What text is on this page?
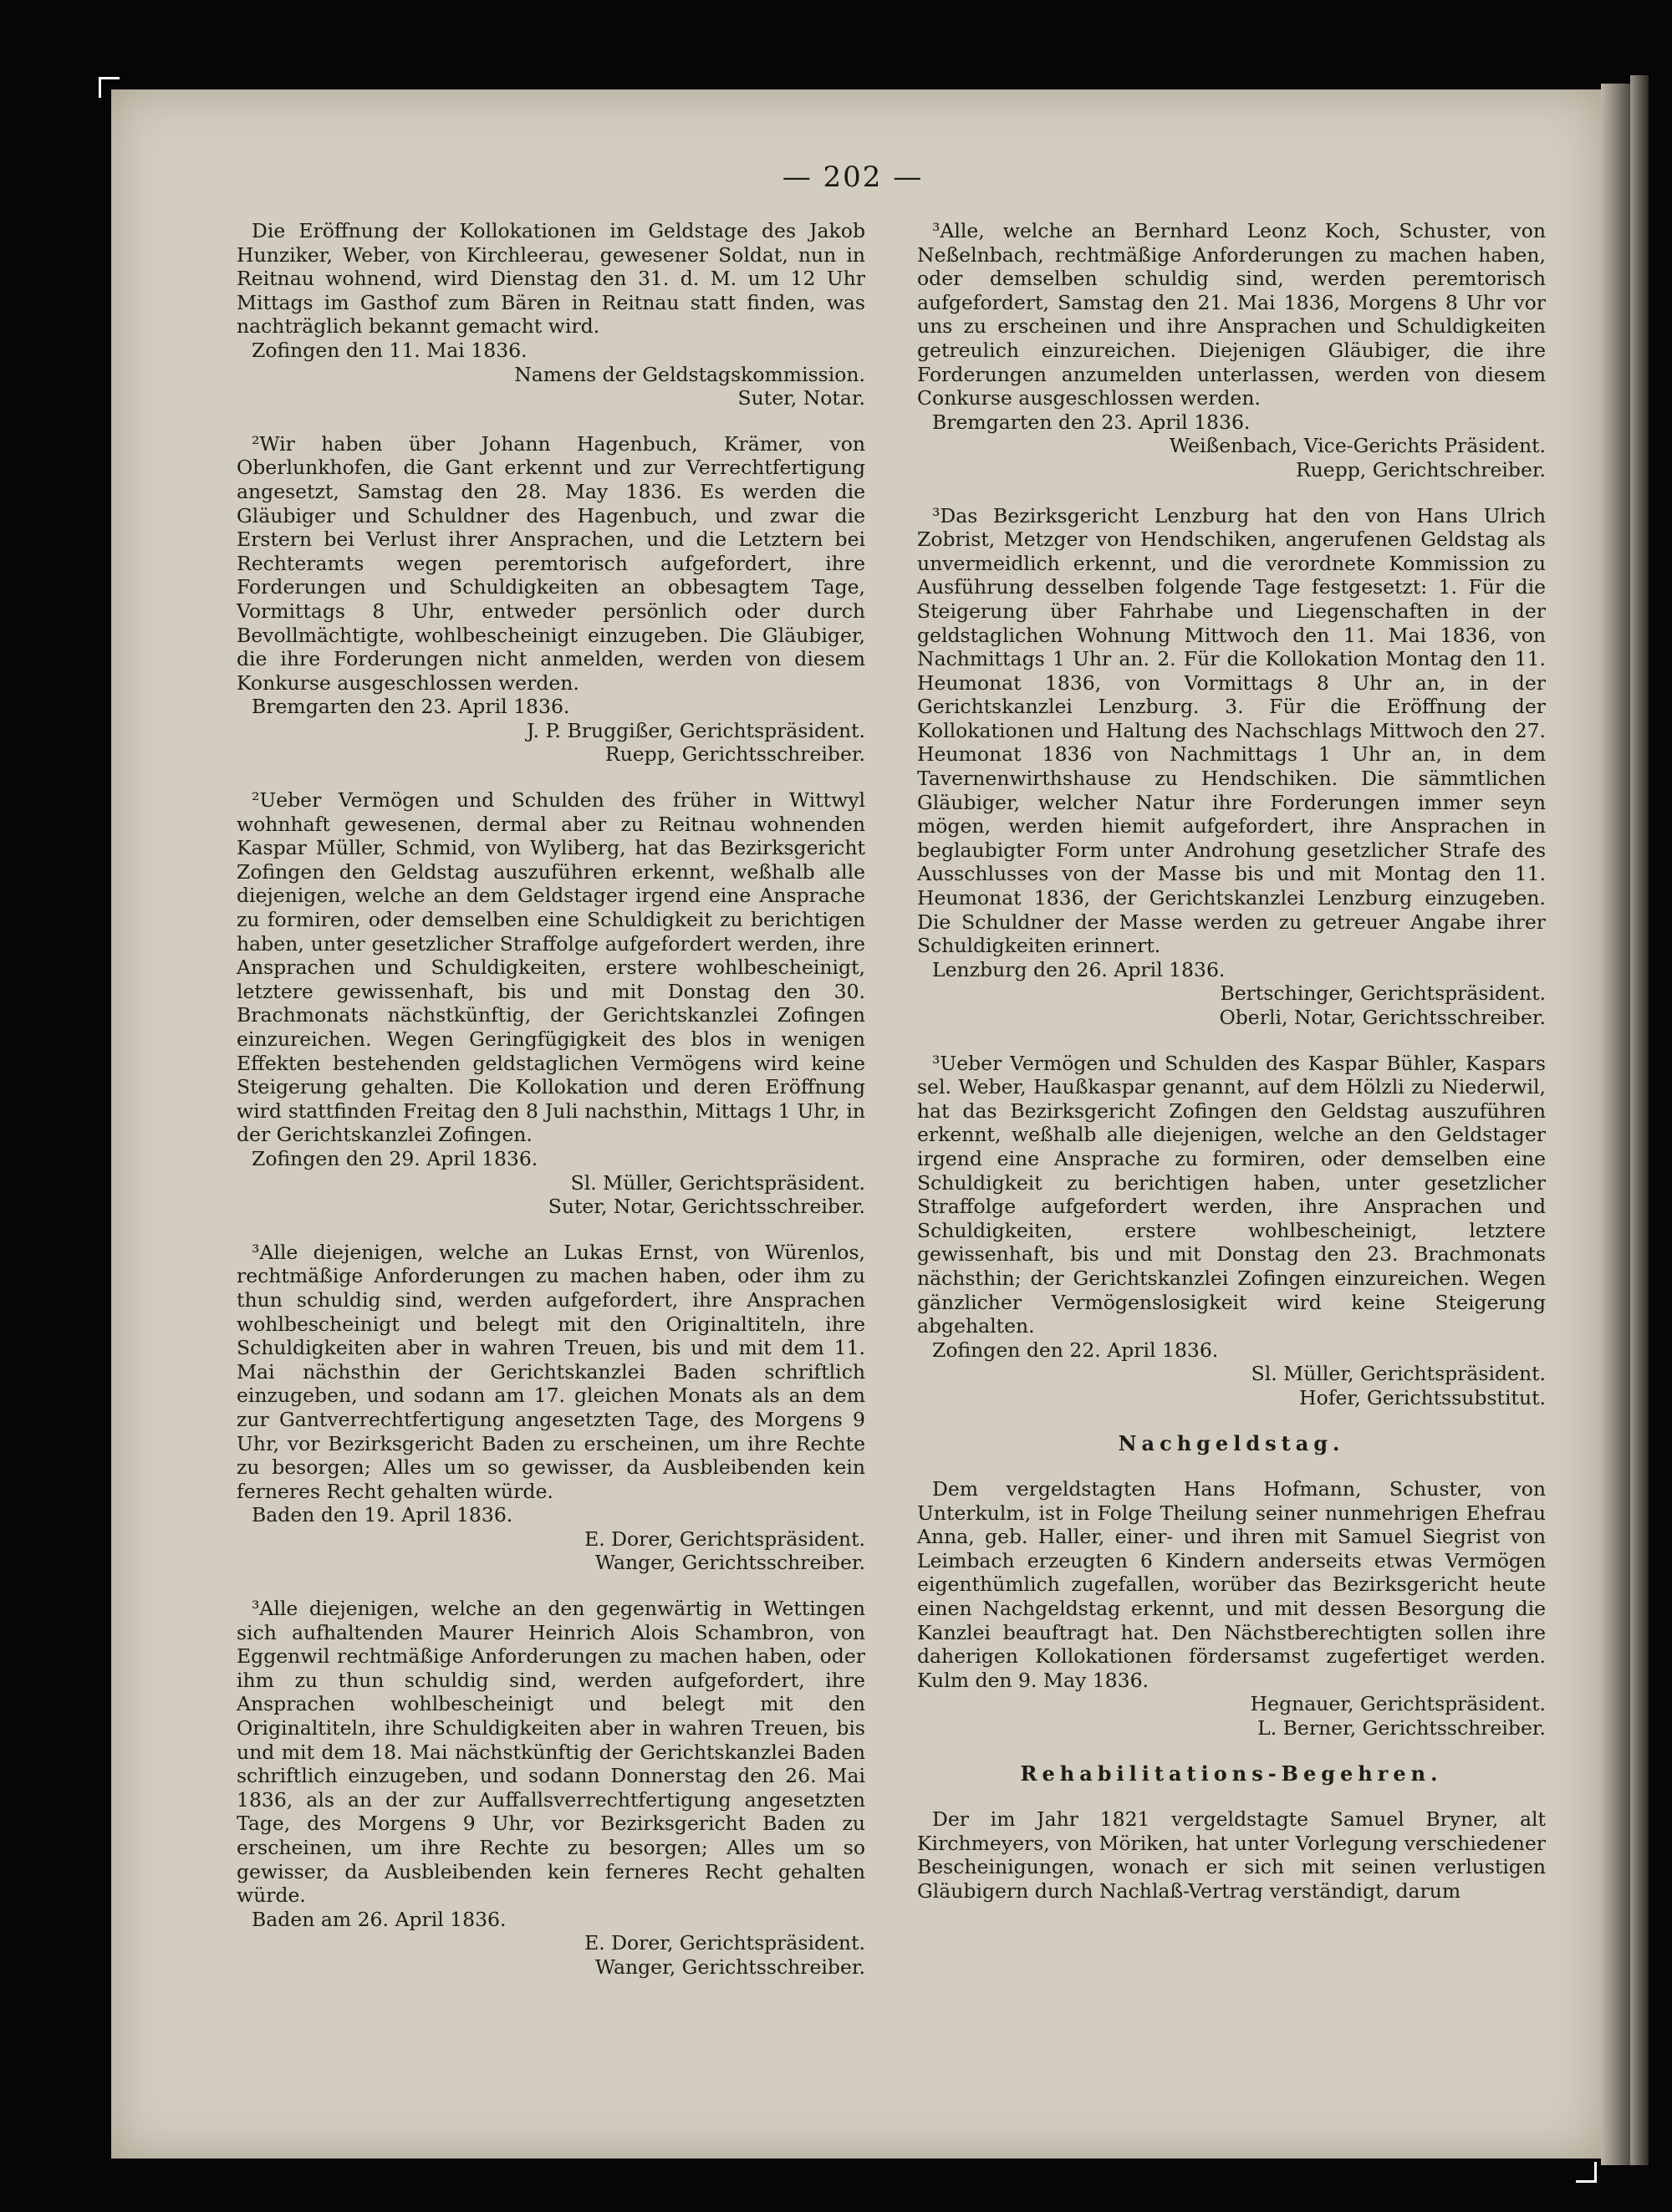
— 202 —

Die Eröffnung der Kollokationen im Geldstage des Jakob Hunziker, Weber, von Kirchleerau, gewesener Soldat, nun in Reitnau wohnend, wird Dienstag den 31. d. M. um 12 Uhr Mittags im Gasthof zum Bären in Reitnau statt finden, was nachträglich bekannt gemacht wird.

Zofingen den 11. Mai 1836.

Namens der Geldstagskommission.

Suter, Notar.

²Wir haben über Johann Hagenbuch, Krämer, von Oberlunkhofen, die Gant erkennt und zur Verrechtfertigung angesetzt, Samstag den 28. May 1836. Es werden die Gläubiger und Schuldner des Hagenbuch, und zwar die Erstern bei Verlust ihrer Ansprachen, und die Letztern bei Rechteramts wegen peremtorisch aufgefordert, ihre Forderungen und Schuldigkeiten an obbesagtem Tage, Vormittags 8 Uhr, entweder persönlich oder durch Bevollmächtigte, wohlbescheinigt einzugeben. Die Gläubiger, die ihre Forderungen nicht anmelden, werden von diesem Konkurse ausgeschlossen werden.

Bremgarten den 23. April 1836.

J. P. Bruggißer, Gerichtspräsident.

Ruepp, Gerichtsschreiber.

²Ueber Vermögen und Schulden des früher in Wittwyl wohnhaft gewesenen, dermal aber zu Reitnau wohnenden Kaspar Müller, Schmid, von Wyliberg, hat das Bezirksgericht Zofingen den Geldstag auszuführen erkennt, weßhalb alle diejenigen, welche an dem Geldstager irgend eine Ansprache zu formiren, oder demselben eine Schuldigkeit zu berichtigen haben, unter gesetzlicher Straffolge aufgefordert werden, ihre Ansprachen und Schuldigkeiten, erstere wohlbescheinigt, letztere gewissenhaft, bis und mit Donstag den 30. Brachmonats nächstkünftig, der Gerichtskanzlei Zofingen einzureichen. Wegen Geringfügigkeit des blos in wenigen Effekten bestehenden geldstaglichen Vermögens wird keine Steigerung gehalten. Die Kollokation und deren Eröffnung wird stattfinden Freitag den 8 Juli nachsthin, Mittags 1 Uhr, in der Gerichtskanzlei Zofingen.

Zofingen den 29. April 1836.

Sl. Müller, Gerichtspräsident.

Suter, Notar, Gerichtsschreiber.

³Alle diejenigen, welche an Lukas Ernst, von Würenlos, rechtmäßige Anforderungen zu machen haben, oder ihm zu thun schuldig sind, werden aufgefordert, ihre Ansprachen wohlbescheinigt und belegt mit den Originaltiteln, ihre Schuldigkeiten aber in wahren Treuen, bis und mit dem 11. Mai nächsthin der Gerichtskanzlei Baden schriftlich einzugeben, und sodann am 17. gleichen Monats als an dem zur Gantverrechtfertigung angesetzten Tage, des Morgens 9 Uhr, vor Bezirksgericht Baden zu erscheinen, um ihre Rechte zu besorgen; Alles um so gewisser, da Ausbleibenden kein ferneres Recht gehalten würde.

Baden den 19. April 1836.

E. Dorer, Gerichtspräsident.

Wanger, Gerichtsschreiber.

³Alle diejenigen, welche an den gegenwärtig in Wettingen sich aufhaltenden Maurer Heinrich Alois Schambron, von Eggenwil rechtmäßige Anforderungen zu machen haben, oder ihm zu thun schuldig sind, werden aufgefordert, ihre Ansprachen wohlbescheinigt und belegt mit den Originaltiteln, ihre Schuldigkeiten aber in wahren Treuen, bis und mit dem 18. Mai nächstkünftig der Gerichtskanzlei Baden schriftlich einzugeben, und sodann Donnerstag den 26. Mai 1836, als an der zur Auffallsverrechtfertigung angesetzten Tage, des Morgens 9 Uhr, vor Bezirksgericht Baden zu erscheinen, um ihre Rechte zu besorgen; Alles um so gewisser, da Ausbleibenden kein ferneres Recht gehalten würde.

Baden am 26. April 1836.

E. Dorer, Gerichtspräsident.

Wanger, Gerichtsschreiber.

³Alle, welche an Bernhard Leonz Koch, Schuster, von Neßelnbach, rechtmäßige Anforderungen zu machen haben, oder demselben schuldig sind, werden peremtorisch aufgefordert, Samstag den 21. Mai 1836, Morgens 8 Uhr vor uns zu erscheinen und ihre Ansprachen und Schuldigkeiten getreulich einzureichen. Diejenigen Gläubiger, die ihre Forderungen anzumelden unterlassen, werden von diesem Conkurse ausgeschlossen werden.

Bremgarten den 23. April 1836.

Weißenbach, Vice-Gerichts Präsident.

Ruepp, Gerichtschreiber.

³Das Bezirksgericht Lenzburg hat den von Hans Ulrich Zobrist, Metzger von Hendschiken, angerufenen Geldstag als unvermeidlich erkennt, und die verordnete Kommission zu Ausführung desselben folgende Tage festgesetzt: 1. Für die Steigerung über Fahrhabe und Liegenschaften in der geldstaglichen Wohnung Mittwoch den 11. Mai 1836, von Nachmittags 1 Uhr an. 2. Für die Kollokation Montag den 11. Heumonat 1836, von Vormittags 8 Uhr an, in der Gerichtskanzlei Lenzburg. 3. Für die Eröffnung der Kollokationen und Haltung des Nachschlags Mittwoch den 27. Heumonat 1836 von Nachmittags 1 Uhr an, in dem Tavernenwirthshause zu Hendschiken. Die sämmtlichen Gläubiger, welcher Natur ihre Forderungen immer seyn mögen, werden hiemit aufgefordert, ihre Ansprachen in beglaubigter Form unter Androhung gesetzlicher Strafe des Ausschlusses von der Masse bis und mit Montag den 11. Heumonat 1836, der Gerichtskanzlei Lenzburg einzugeben. Die Schuldner der Masse werden zu getreuer Angabe ihrer Schuldigkeiten erinnert.

Lenzburg den 26. April 1836.

Bertschinger, Gerichtspräsident.

Oberli, Notar, Gerichtsschreiber.

³Ueber Vermögen und Schulden des Kaspar Bühler, Kaspars sel. Weber, Haußkaspar genannt, auf dem Hölzli zu Niederwil, hat das Bezirksgericht Zofingen den Geldstag auszuführen erkennt, weßhalb alle diejenigen, welche an den Geldstager irgend eine Ansprache zu formiren, oder demselben eine Schuldigkeit zu berichtigen haben, unter gesetzlicher Straffolge aufgefordert werden, ihre Ansprachen und Schuldigkeiten, erstere wohlbescheinigt, letztere gewissenhaft, bis und mit Donstag den 23. Brachmonats nächsthin; der Gerichtskanzlei Zofingen einzureichen. Wegen gänzlicher Vermögenslosigkeit wird keine Steigerung abgehalten.

Zofingen den 22. April 1836.

Sl. Müller, Gerichtspräsident.

Hofer, Gerichtssubstitut.

Nachgeldstag.

Dem vergeldstagten Hans Hofmann, Schuster, von Unterkulm, ist in Folge Theilung seiner nunmehrigen Ehefrau Anna, geb. Haller, einer- und ihren mit Samuel Siegrist von Leimbach erzeugten 6 Kindern anderseits etwas Vermögen eigenthümlich zugefallen, worüber das Bezirksgericht heute einen Nachgeldstag erkennt, und mit dessen Besorgung die Kanzlei beauftragt hat. Den Nächstberechtigten sollen ihre daherigen Kollokationen fördersamst zugefertiget werden. Kulm den 9. May 1836.

Hegnauer, Gerichtspräsident.

L. Berner, Gerichtsschreiber.

Rehabilitations-Begehren.

Der im Jahr 1821 vergeldstagte Samuel Bryner, alt Kirchmeyers, von Möriken, hat unter Vorlegung verschiedener Bescheinigungen, wonach er sich mit seinen verlustigen Gläubigern durch Nachlaß-Vertrag verständigt, darum
